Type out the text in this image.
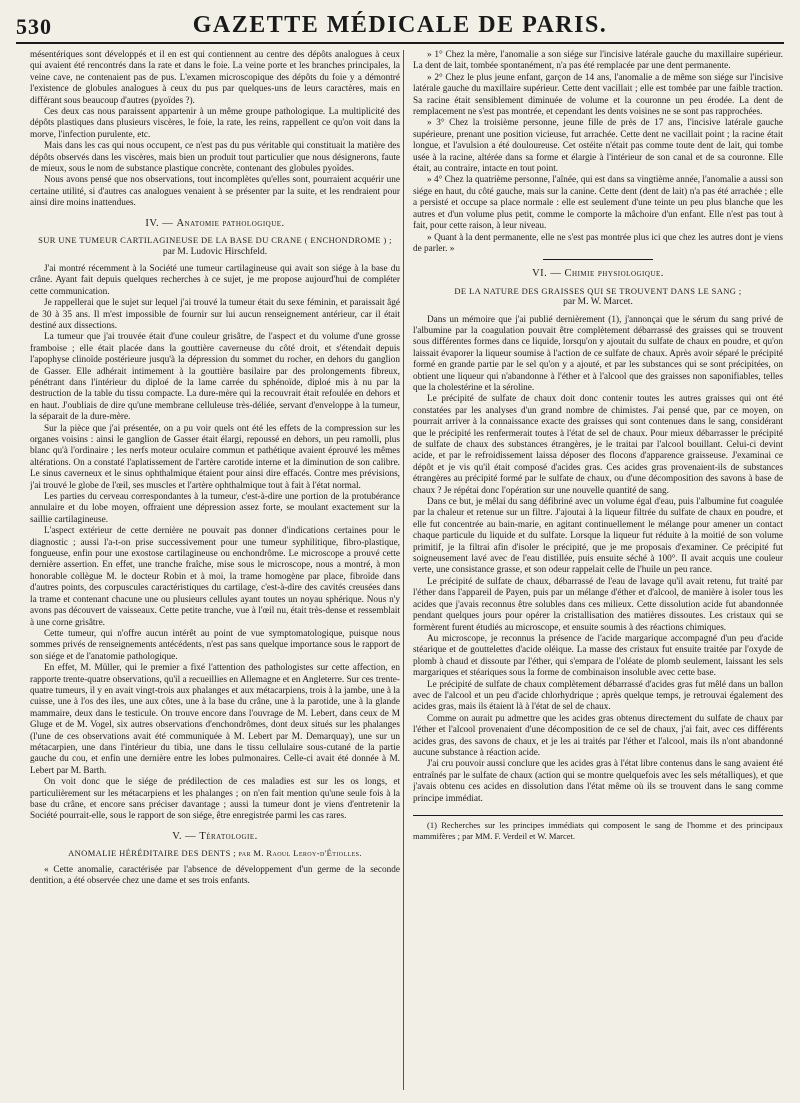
530	GAZETTE MÉDICALE DE PARIS.

mésentériques sont développés et il en est qui contiennent au centre des dépôts analogues à ceux qui avaient été rencontrés dans la rate et dans le foie. La veine porte et les branches principales, la veine cave, ne contenaient pas de pus. L'examen microscopique des dépôts du foie y a démontré l'existence de globules analogues à ceux du pus par quelques-uns de leurs caractères, mais en différant sous beaucoup d'autres (pyoïdes ?).

Ces deux cas nous paraissent appartenir à un même groupe pathologique. La multiplicité des dépôts plastiques dans plusieurs viscères, le foie, la rate, les reins, rappellent ce qu'on voit dans la morve, l'infection purulente, etc.

Mais dans les cas qui nous occupent, ce n'est pas du pus véritable qui constituait la matière des dépôts observés dans les viscères, mais bien un produit tout particulier que nous désignerons, faute de mieux, sous le nom de substance plastique concrète, contenant des globules pyoïdes.

Nous avons pensé que nos observations, tout incomplètes qu'elles sont, pourraient acquérir une certaine utilité, si d'autres cas analogues venaient à se présenter par la suite, et les rendraient pour ainsi dire moins inattendues.

IV. — Anatomie pathologique.
SUR UNE TUMEUR CARTILAGINEUSE DE LA BASE DU CRANE ( ENCHONDROME ) ;
par M. Ludovic Hirschfeld.

J'ai montré récemment à la Société une tumeur cartilagineuse qui avait son siége à la base du crâne. Ayant fait depuis quelques recherches à ce sujet, je me propose aujourd'hui de compléter cette communication.

Je rappellerai que le sujet sur lequel j'ai trouvé la tumeur était du sexe féminin, et paraissait âgé de 30 à 35 ans. Il m'est impossible de fournir sur lui aucun renseignement antérieur, car il était destiné aux dissections.

La tumeur que j'ai trouvée était d'une couleur grisâtre, de l'aspect et du volume d'une grosse framboise ; elle était placée dans la gouttière caverneuse du côté droit, et s'étendait depuis l'apophyse clinoïde postérieure jusqu'à la dépression du sommet du rocher, en dehors du ganglion de Gasser. Elle adhérait intimement à la gouttière basilaire par des prolongements fibreux, pénétrant dans l'intérieur du diploé de la lame carrée du sphénoïde, diploé mis à nu par la destruction de la table du tissu compacte. La dure-mère qui la recouvrait était refoulée en dehors et en haut. J'oubliais de dire qu'une membrane celluleuse très-déliée, servant d'enveloppe à la tumeur, la séparait de la dure-mère.

Sur la pièce que j'ai présentée, on a pu voir quels ont été les effets de la compression sur les organes voisins : ainsi le ganglion de Gasser était élargi, repoussé en dehors, un peu ramolli, plus blanc qu'à l'ordinaire ; les nerfs moteur oculaire commun et pathétique avaient éprouvé les mêmes altérations. On a constaté l'aplatissement de l'artère carotide interne et la diminution de son calibre. Le sinus caverneux et le sinus ophthalmique étaient pour ainsi dire effacés. Contre mes prévisions, j'ai trouvé le globe de l'œil, ses muscles et l'artère ophthalmique tout à fait à l'état normal.

Les parties du cerveau correspondantes à la tumeur, c'est-à-dire une portion de la protubérance annulaire et du lobe moyen, offraient une dépression assez forte, se moulant exactement sur la saillie cartilagineuse.

L'aspect extérieur de cette dernière ne pouvait pas donner d'indications certaines pour le diagnostic ; aussi l'a-t-on prise successivement pour une tumeur syphilitique, fibro-plastique, fongueuse, enfin pour une exostose cartilagineuse ou enchondrôme. Le microscope a prouvé cette dernière assertion. En effet, une tranche fraîche, mise sous le microscope, nous a montré, à mon honorable collègue M. le docteur Robin et à moi, la trame homogène par place, fibroïde dans d'autres points, des corpuscules caractéristiques du cartilage, c'est-à-dire des cavités creusées dans la trame et contenant chacune une ou plusieurs cellules ayant toutes un noyau sphérique. Nous n'y avons pas découvert de vaisseaux. Cette petite tranche, vue à l'œil nu, était très-dense et ressemblait à une corne grisâtre.

Cette tumeur, qui n'offre aucun intérêt au point de vue symptomatologique, puisque nous sommes privés de renseignements antécédents, n'est pas sans quelque importance sous le rapport de son siége et de l'anatomie pathologique.

En effet, M. Müller, qui le premier a fixé l'attention des pathologistes sur cette affection, en rapporte trente-quatre observations, qu'il a recueillies en Allemagne et en Angleterre. Sur ces trente-quatre tumeurs, il y en avait vingt-trois aux phalanges et aux métacarpiens, trois à la jambe, une à la cuisse, une à l'os des iles, une aux côtes, une à la base du crâne, une à la parotide, une à la glande mammaire, deux dans le testicule. On trouve encore dans l'ouvrage de M. Lebert, dans ceux de M Gluge et de M. Vogel, six autres observations d'enchondrômes, dont deux situés sur les phalanges (l'une de ces observations avait été communiquée à M. Lebert par M. Demarquay), une sur un métacarpien, une dans l'intérieur du tibia, une dans le tissu cellulaire sous-cutané de la partie gauche du cou, et enfin une dernière entre les lobes pulmonaires. Celle-ci avait été donnée à M. Lebert par M. Barth.

On voit donc que le siége de prédilection de ces maladies est sur les os longs, et particulièrement sur les métacarpiens et les phalanges ; on n'en fait mention qu'une seule fois à la base du crâne, et encore sans préciser davantage ; aussi la tumeur dont je viens d'entretenir la Société pourrait-elle, sous le rapport de son siége, être enregistrée parmi les cas rares.

V. — Tératologie.
ANOMALIE HÉRÉDITAIRE DES DENTS ; par M. Raoul Leroy-d'Étiolles.

« Cette anomalie, caractérisée par l'absence de développement d'un germe de la seconde dentition, a été observée chez une dame et ses trois enfants.

» 1° Chez la mère, l'anomalie a son siége sur l'incisive latérale gauche du maxillaire supérieur. La dent de lait, tombée spontanément, n'a pas été remplacée par une dent permanente.

» 2° Chez le plus jeune enfant, garçon de 14 ans, l'anomalie a de même son siége sur l'incisive latérale gauche du maxillaire supérieur. Cette dent vacillait ; elle est tombée par une faible traction. Sa racine était sensiblement diminuée de volume et la couronne un peu érodée. La dent de remplacement ne s'est pas montrée, et cependant les dents voisines ne se sont pas rapprochées.

» 3° Chez la troisième personne, jeune fille de près de 17 ans, l'incisive latérale gauche supérieure, prenant une position vicieuse, fut arrachée. Cette dent ne vacillait point ; la racine était longue, et l'avulsion a été douloureuse. Cet ostéite n'était pas comme toute dent de lait, qui tombe usée à la racine, altérée dans sa forme et élargie à l'intérieur de son canal et de sa couronne. Elle était, au contraire, intacte en tout point.

» 4° Chez la quatrième personne, l'aînée, qui est dans sa vingtième année, l'anomalie a aussi son siége en haut, du côté gauche, mais sur la canine. Cette dent (dent de lait) n'a pas été arrachée ; elle a persisté et occupe sa place normale : elle est seulement d'une teinte un peu plus blanche que les autres et d'un volume plus petit, comme le comporte la mâchoire d'un enfant. Elle n'est pas tout à fait, pour cette raison, à leur niveau.

» Quant à la dent permanente, elle ne s'est pas montrée plus ici que chez les autres dont je viens de parler. »

VI. — Chimie physiologique.
DE LA NATURE DES GRAISSES QUI SE TROUVENT DANS LE SANG ;
par M. W. Marcet.

Dans un mémoire que j'ai publié dernièrement (1), j'annonçai que le sérum du sang privé de l'albumine par la coagulation pouvait être complètement débarrassé des graisses qui se trouvent sous différentes formes dans ce liquide, lorsqu'on y ajoutait du sulfate de chaux en poudre, et qu'on laissait évaporer la liqueur soumise à l'action de ce sulfate de chaux. Après avoir séparé le précipité formé en grande partie par le sel qu'on y a ajouté, et par les substances qui se sont précipitées, on obtient une liqueur qui n'abandonne à l'éther et à l'alcool que des graisses non saponifiables, telles que la cholestérine et la séroline.

Le précipité de sulfate de chaux doit donc contenir toutes les autres graisses qui ont été constatées par les analyses d'un grand nombre de chimistes. J'ai pensé que, par ce moyen, on pourrait arriver à la connaissance exacte des graisses qui sont contenues dans le sang, considérant que le précipité les renfermerait toutes à l'état de sel de chaux. Pour mieux débarrasser le précipité de sulfate de chaux des substances étrangères, je le traitai par l'alcool bouillant. Celui-ci devint acide, et par le refroidissement laissa déposer des flocons d'apparence graisseuse. J'examinai ce dépôt et je vis qu'il était composé d'acides gras. Ces acides gras provenaient-ils de substances étrangères au précipité formé par le sulfate de chaux, ou d'une décomposition des savons à base de chaux ? Je répétai donc l'opération sur une nouvelle quantité de sang.

Dans ce but, je mêlai du sang défibriné avec un volume égal d'eau, puis l'albumine fut coagulée par la chaleur et retenue sur un filtre. J'ajoutai à la liqueur filtrée du sulfate de chaux en poudre, et elle fut concentrée au bain-marie, en agitant continuellement le mélange pour amener un contact chaque particule du liquide et du sulfate. Lorsque la liqueur fut réduite à la moitié de son volume primitif, je la filtrai afin d'isoler le précipité, que je me proposais d'examiner. Ce précipité fut soigneusement lavé avec de l'eau distillée, puis ensuite séché à 100°. Il avait acquis une couleur verte, une consistance grasse, et son odeur rappelait celle de l'huile un peu rance.

Le précipité de sulfate de chaux, débarrassé de l'eau de lavage qu'il avait retenu, fut traité par l'éther dans l'appareil de Payen, puis par un mélange d'éther et d'alcool, de manière à isoler tous les acides que j'avais reconnus être solubles dans ces milieux. Cette dissolution acide fut abandonnée pendant quelques jours pour opérer la cristallisation des matières dissoutes. Les cristaux qui se formèrent furent étudiés au microscope, et ensuite soumis à des réactions chimiques.

Au microscope, je reconnus la présence de l'acide margarique accompagné d'un peu d'acide stéarique et de gouttelettes d'acide oléique. La masse des cristaux fut ensuite traitée par l'oxyde de plomb à chaud et dissoute par l'éther, qui s'empara de l'oléate de plomb seulement, laissant les sels margariques et stéariques sous la forme de combinaison insoluble avec cette base.

Le précipité de sulfate de chaux complètement débarrassé d'acides gras fut mêlé dans un ballon avec de l'alcool et un peu d'acide chlorhydrique ; après quelque temps, je retrouvai également des acides gras, mais ils étaient là à l'état de sel de chaux.

Comme on aurait pu admettre que les acides gras obtenus directement du sulfate de chaux par l'éther et l'alcool provenaient d'une décomposition de ce sel de chaux, j'ai fait, avec ces différents acides gras, des savons de chaux, et je les ai traités par l'éther et l'alcool, mais ils n'ont abandonné aucune substance à réaction acide.

J'ai cru pouvoir aussi conclure que les acides gras à l'état libre contenus dans le sang avaient été entraînés par le sulfate de chaux (action qui se montre quelquefois avec les sels métalliques), et que j'avais obtenu ces acides en dissolution dans l'état même où ils se trouvent dans le sang comme principe immédiat.

(1) Recherches sur les principes immédiats qui composent le sang de l'homme et des principaux mammifères ; par MM. F. Verdeil et W. Marcet.
